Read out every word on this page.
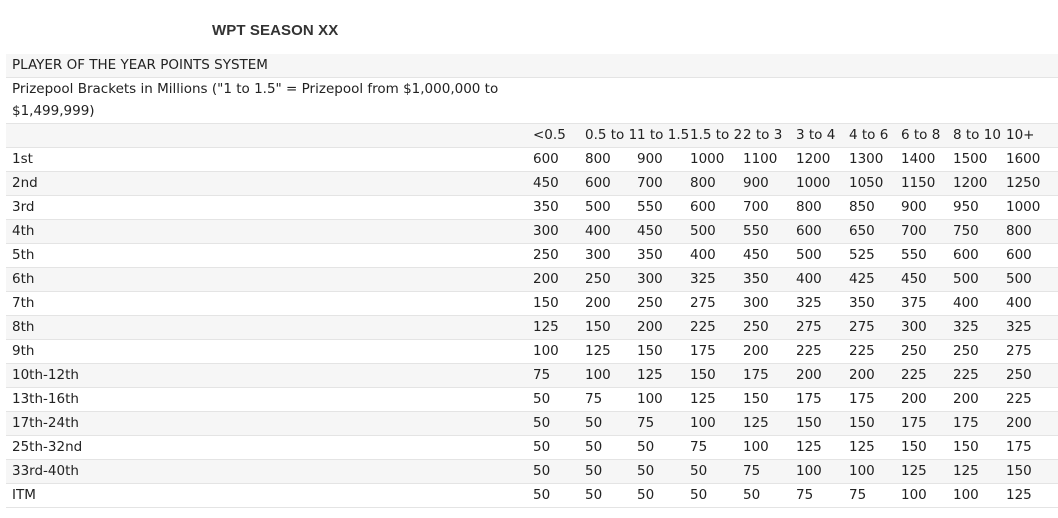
WPT SEASON XX
PLAYER OF THE YEAR POINTS SYSTEM										
Prizepool Brackets in Millions ("1 to 1.5" = Prizepool from $1,000,000 to $1,499,999)										
	<0.5	0.5 to 1	1 to 1.5	1.5 to 2	2 to 3	3 to 4	4 to 6	6 to 8	8 to 10	10+
1st	600	800	900	1000	1100	1200	1300	1400	1500	1600
2nd	450	600	700	800	900	1000	1050	1150	1200	1250
3rd	350	500	550	600	700	800	850	900	950	1000
4th	300	400	450	500	550	600	650	700	750	800
5th	250	300	350	400	450	500	525	550	600	600
6th	200	250	300	325	350	400	425	450	500	500
7th	150	200	250	275	300	325	350	375	400	400
8th	125	150	200	225	250	275	275	300	325	325
9th	100	125	150	175	200	225	225	250	250	275
10th-12th	75	100	125	150	175	200	200	225	225	250
13th-16th	50	75	100	125	150	175	175	200	200	225
17th-24th	50	50	75	100	125	150	150	175	175	200
25th-32nd	50	50	50	75	100	125	125	150	150	175
33rd-40th	50	50	50	50	75	100	100	125	125	150
ITM	50	50	50	50	50	75	75	100	100	125
